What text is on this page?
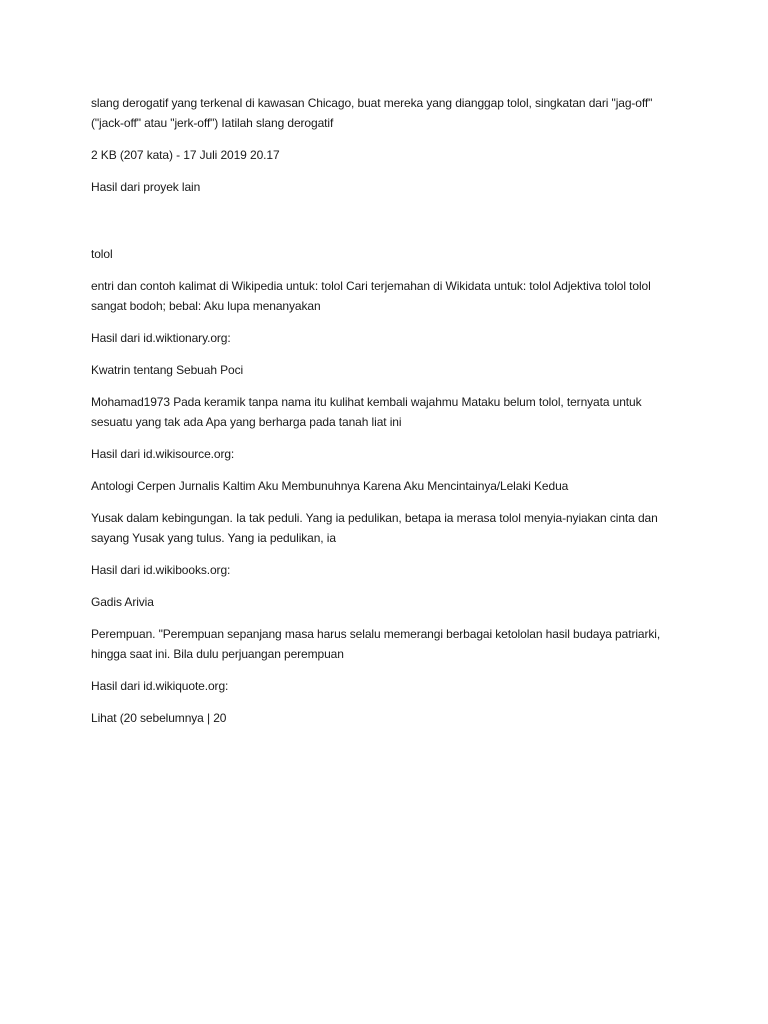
slang derogatif yang terkenal di kawasan Chicago, buat mereka yang dianggap tolol, singkatan dari "jag-off" ("jack-off" atau "jerk-off") Iatilah slang derogatif

2 KB (207 kata) - 17 Juli 2019 20.17

Hasil dari proyek lain

tolol

entri dan contoh kalimat di Wikipedia untuk: tolol Cari terjemahan di Wikidata untuk: tolol Adjektiva tolol tolol sangat bodoh; bebal: Aku lupa menanyakan

Hasil dari id.wiktionary.org:

Kwatrin tentang Sebuah Poci

Mohamad1973 Pada keramik tanpa nama itu kulihat kembali wajahmu Mataku belum tolol, ternyata untuk sesuatu yang tak ada Apa yang berharga pada tanah liat ini

Hasil dari id.wikisource.org:

Antologi Cerpen Jurnalis Kaltim Aku Membunuhnya Karena Aku Mencintainya/Lelaki Kedua

Yusak dalam kebingungan. Ia tak peduli. Yang ia pedulikan, betapa ia merasa tolol menyia-nyiakan cinta dan sayang Yusak yang tulus. Yang ia pedulikan, ia

Hasil dari id.wikibooks.org:

Gadis Arivia

Perempuan. "Perempuan sepanjang masa harus selalu memerangi berbagai ketololan hasil budaya patriarki, hingga saat ini. Bila dulu perjuangan perempuan

Hasil dari id.wikiquote.org:

Lihat (20 sebelumnya | 20
